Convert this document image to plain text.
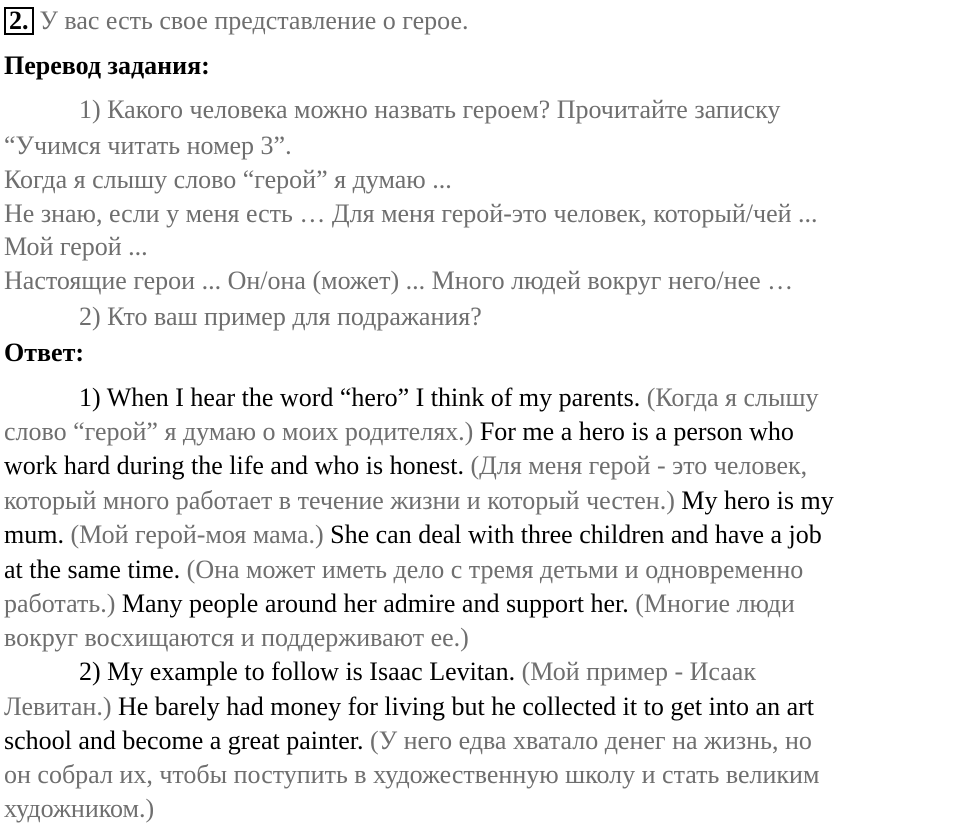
2. У вас есть свое представление о герое.
Перевод задания:
1) Какого человека можно назвать героем? Прочитайте записку
“Учимся читать номер 3”.
Когда я слышу слово “герой” я думаю ...
Не знаю, если у меня есть … Для меня герой-это человек, который/чей ...
Мой герой ...
Настоящие герои ... Он/она (может) ... Много людей вокруг него/нее …
2) Кто ваш пример для подражания?
Ответ:
1) When I hear the word “hero” I think of my parents. (Когда я слышу
слово “герой” я думаю о моих родителях.) For me a hero is a person who
work hard during the life and who is honest. (Для меня герой - это человек,
который много работает в течение жизни и который честен.) My hero is my
mum. (Мой герой-моя мама.) She can deal with three children and have a job
at the same time. (Она может иметь дело с тремя детьми и одновременно
работать.) Many people around her admire and support her. (Многие люди
вокруг восхищаются и поддерживают ее.)
2) My example to follow is Isaac Levitan. (Мой пример - Исаак
Левитан.) He barely had money for living but he collected it to get into an art
school and become a great painter. (У него едва хватало денег на жизнь, но
он собрал их, чтобы поступить в художественную школу и стать великим
художником.)
